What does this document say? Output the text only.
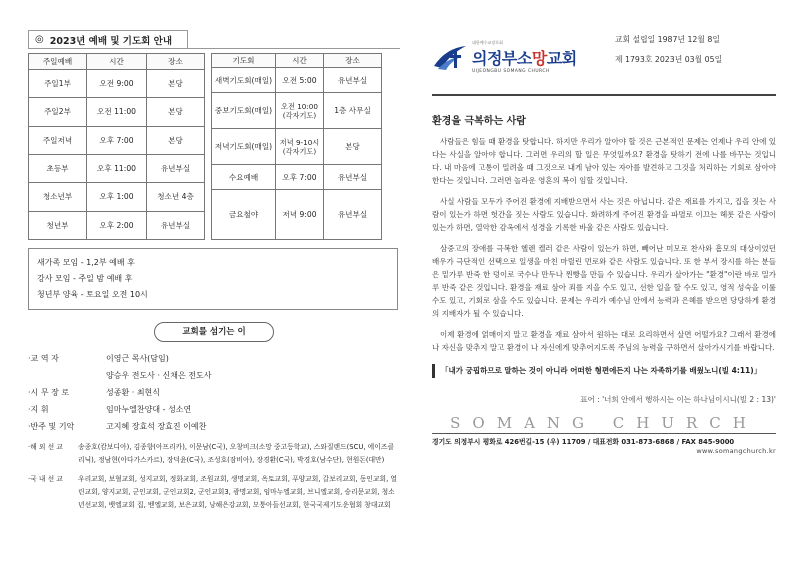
◎ 2023년 예배 및 기도회 안내
주일예배	시간	장소
주일1부	오전 9:00	본당
주일2부	오전 11:00	본당
주일저녁	오후 7:00	본당
초등부	오후 11:00	유년부실
청소년부	오후 1:00	청소년 4층
청년부	오후 2:00	유년부실
기도회	시간	장소
새벽기도회(매일)	오전 5:00	유년부실
중보기도회(매일)	오전 10:00 (각자기도)	1층 사무실
저녁기도회(매일)	저녁 9-10시 (각자기도)	본당
수요예배	오후 7:00	유년부실
금요철야	저녁 9:00	유년부실
새가족 모임 - 1,2부 예배 후
강사 모임 - 주일 밤 예배 후
청년부 양육 - 토요일 오전 10시
교회를 섬기는 이
·교 역 자	이영근 목사(담임)
양승우 전도사 · 신채은 전도사
·시 무 장 로	성종환 · 최현식
·지 휘	임마누엘찬양대 - 성소연
·반주 및 기악	고지혜 장효석 장효진 이예찬
·해 외 선 교	송종호(캄보디아), 김종향(아프리카), 이문남(C국), 오창비크(소망 중고등학교), 스와질랜드(SCU, 에이즈클리닉), 정남현(아다가스카르), 장덕윤(C국), 조성호(잠비아), 장경환(C국), 박경호(남수단), 현원돈(대만)
·국 내 선 교	우리교회, 보혈교회, 성지교회, 정화교회, 조원교회, 생명교회, 옥토교회, 푸양교회, 갈보리교회, 동인교회, 열린교회, 양지교회, 군인교회, 군인교회2, 군인교회3, 광명교회, 임마누엘교회, 브니엘교회, 승리문교회, 청소년선교회, 뱃엘교회 집, 벧엘교회, 보은교회, 낭해은강교회, 모퉁아들선교회, 한국국제기도운협회 창대교회
대한예수교장로회
의정부소망교회
UIJEONGBU SOMANG CHURCH
교회 설립일 1987년 12월 8일
제 1793호 2023년 03월 05일
환경을 극복하는 사람

사람들은 힘들 때 환경을 탓합니다. 하지만 우리가 알아야 할 것은 근본적인 문제는 언제나 우리 안에 있다는 사실을 알아야 합니다. 그러면 우리의 할 일은 무엇일까요? 환경을 탓하기 전에 나를 바꾸는 것입니다. 내 마음에 고통이 밀려올 때 그것으로 내게 남아 있는 자아를 발견하고 그것을 처리하는 기회로 삼아야 한다는 것입니다. 그러면 놀라운 영혼의 복이 임할 것입니다.

사실 사람들 모두가 주어진 환경에 지배받으면서 사는 것은 아닙니다. 같은 재료를 가지고, 집을 짓는 사람이 있는가 하면 헛간을 짓는 사람도 있습니다. 화려하게 주어진 환경을 파멸로 이끄는 헤롯 같은 사람이 있는가 하면, 열악한 감옥에서 성경을 기록한 바울 같은 사람도 있습니다.

삼중고의 장애를 극복한 헬렌 켈러 같은 사람이 있는가 하면, 빼어난 미모로 찬사와 흠모의 대상이었던 배우가 극단적인 선택으로 일생을 마친 마릴린 먼로와 같은 사람도 있습니다. 또 한 부서 장시를 하는 분들은 밑가루 반죽 한 덩이로 국수나 만두나 찐빵을 만들 수 있습니다. 우리가 살아가는 "환경"이란 바로 밀가루 반죽 같은 것입니다. 환경을 재료 삼아 죄를 지을 수도 있고, 선한 일을 할 수도 있고, 영적 성숙을 이룰 수도 있고, 기회로 삼을 수도 있습니다. 문제는 우리가 예수님 안에서 능력과 은혜를 받으면 당당하게 환경의 지배자가 될 수 있습니다.

이제 환경에 얽매이지 말고 환경을 재료 삼아서 원하는 대로 요리하면서 살면 어떨가요? 그래서 환경에 나 자신을 맞추지 말고 환경이 나 자신에게 맞추어지도록 주님의 능력을 구하면서 살아가시기를 바랍니다.

「내가 궁핍하므로 말하는 것이 아니라 어떠한 형편에든지 나는 자족하기를 배웠노니(빌 4:11)」
표어 : '너희 안에서 행하시는 이는 하나님이시니(빌 2 : 13)'
SOMANG CHURCH
경기도 의정부시 평화로 426번길-15 (우) 11709 / 대표전화 031-873-6868 / FAX 845-9000
www.somangchurch.kr
